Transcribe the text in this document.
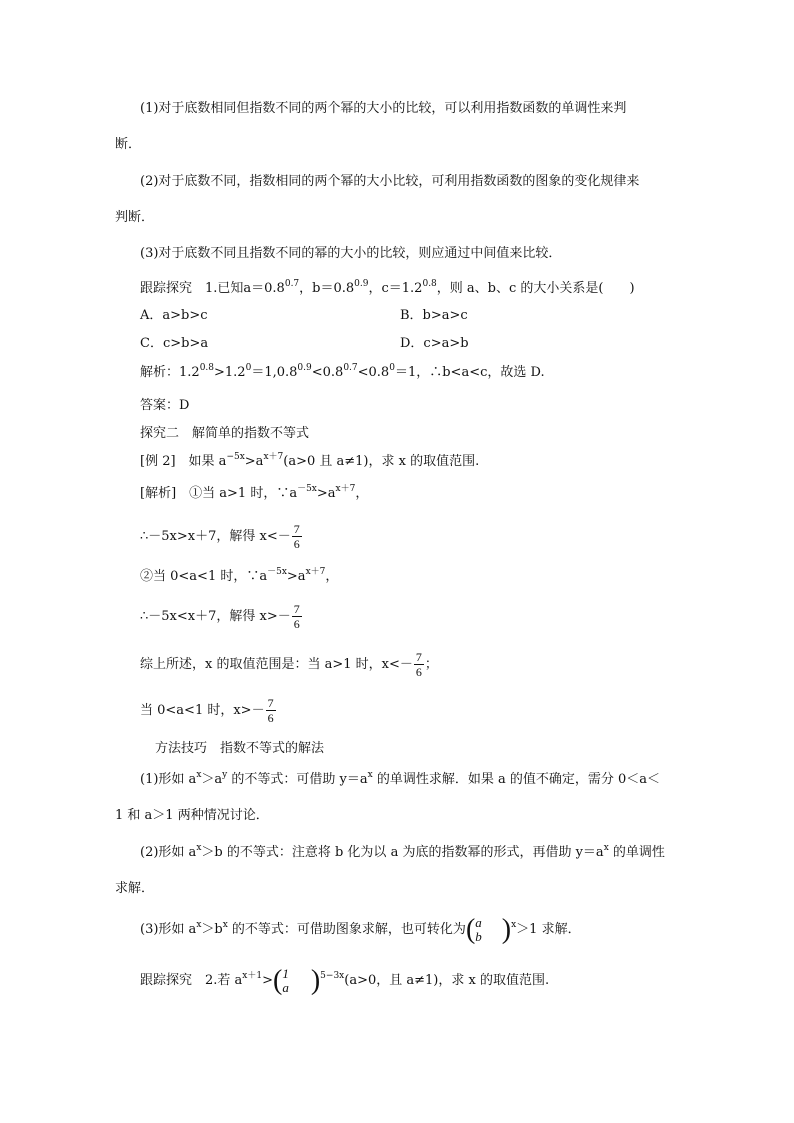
(1)对于底数相同但指数不同的两个幂的大小的比较，可以利用指数函数的单调性来判
断．
(2)对于底数不同，指数相同的两个幂的大小比较，可利用指数函数的图象的变化规律来
判断．
(3)对于底数不同且指数不同的幂的大小的比较，则应通过中间值来比较．
跟踪探究　1.已知$a=0.8^{0.7}$，$b=0.8^{0.9}$，$c=1.2^{0.8}$，则 a、b、c 的大小关系是(　　)
A．a>b>c	B．b>a>c
C．c>b>a	D．c>a>b
解析：$1.2^{0.8}>1.2^0=1,0.8^{0.9}<0.8^{0.7}<0.8^0=1$，∴b<a<c，故选 D.
答案：D
探究二　解简单的指数不等式
[例 2]　如果 $a^{-5x}>a^{x+7}(a>0$ 且 a≠1)，求 x 的取值范围.
[解析]　①当 a>1 时，$\because a^{-5x}>a^{x+7}$，
∴－5x>x＋7，解得 $x<- \frac{7}{6}$
②当 0<a<1 时，$\because a^{-5x}>a^{x+7}$，
∴－5x<x＋7，解得 $x>- \frac{7}{6}$
综上所述，x 的取值范围是：当 a>1 时，$x<- \frac{7}{6}$ ；
当 0<a<1 时，$x>- \frac{7}{6}$
方法技巧　指数不等式的解法
(1)形如 $a^x>a^y$ 的不等式：可借助 $y=a^x$ 的单调性求解．如果 a 的值不确定，需分 0＜a＜
1 和 a＞1 两种情况讨论．
(2)形如 $a^x>b$ 的不等式：注意将 b 化为以 a 为底的指数幂的形式，再借助 $y=a^x$ 的单调性
求解．
(3)形如 $a^x>b^x$ 的不等式：可借助图象求解，也可转化为( a
b )$^x$＞1 求解．
跟踪探究　2.若 $a^{x+1}>$( 1
a )$^{5-3x}$(a>0，且 a≠1)，求 x 的取值范围.
